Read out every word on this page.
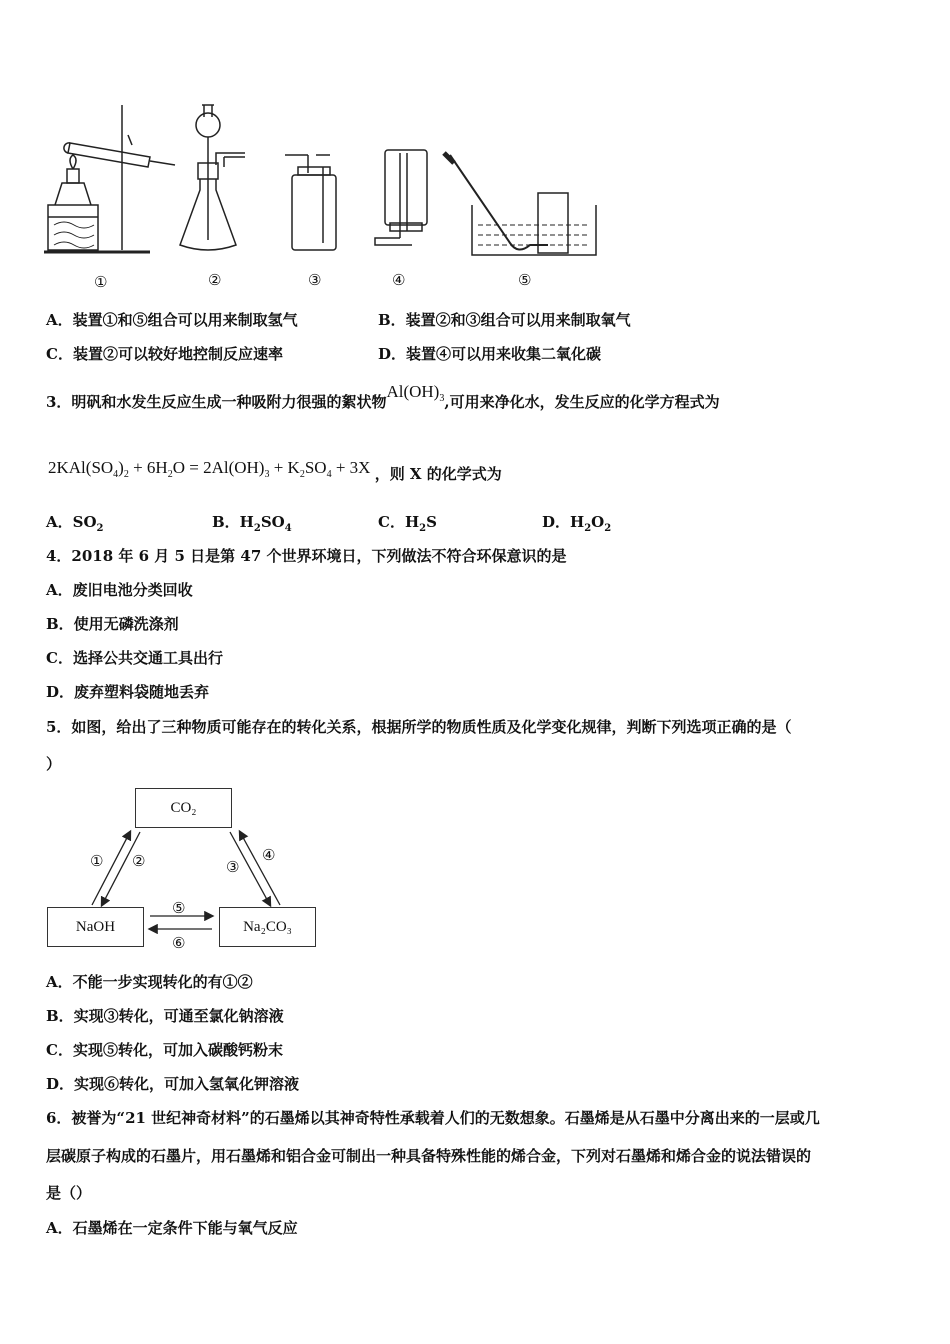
①	②	③	④	⑤
A．装置①和⑤组合可以用来制取氢气	B．装置②和③组合可以用来制取氧气
C．装置②可以较好地控制反应速率	D．装置④可以用来收集二氧化碳
3．明矾和水发生反应生成一种吸附力很强的絮状物$Al(OH)_3$,可用来净化水，发生反应的化学方程式为
$2KAl(SO_4)_2 + 6H_2O = 2Al(OH)_3 + K_2SO_4 + 3X$ ，则 X 的化学式为
A．$SO_2$	B．$H_2SO_4$	C．$H_2S$	D．$H_2O_2$
4．2018 年 6 月 5 日是第 47 个世界环境日，下列做法不符合环保意识的是
A．废旧电池分类回收
B．使用无磷洗涤剂
C．选择公共交通工具出行
D．废弃塑料袋随地丢弃
5．如图，给出了三种物质可能存在的转化关系，根据所学的物质性质及化学变化规律，判断下列选项正确的是（
）
CO₂
NaOH	Na₂CO₃
① ②	③
④
⑤
⑥
A．不能一步实现转化的有①②
B．实现③转化，可通至氯化钠溶液
C．实现⑤转化，可加入碳酸钙粉末
D．实现⑥转化，可加入氢氧化钾溶液
6．被誉为“21 世纪神奇材料”的石墨烯以其神奇特性承载着人们的无数想象。石墨烯是从石墨中分离出来的一层或几
层碳原子构成的石墨片，用石墨烯和铝合金可制出一种具备特殊性能的烯合金，下列对石墨烯和烯合金的说法错误的
是（）
A．石墨烯在一定条件下能与氧气反应
